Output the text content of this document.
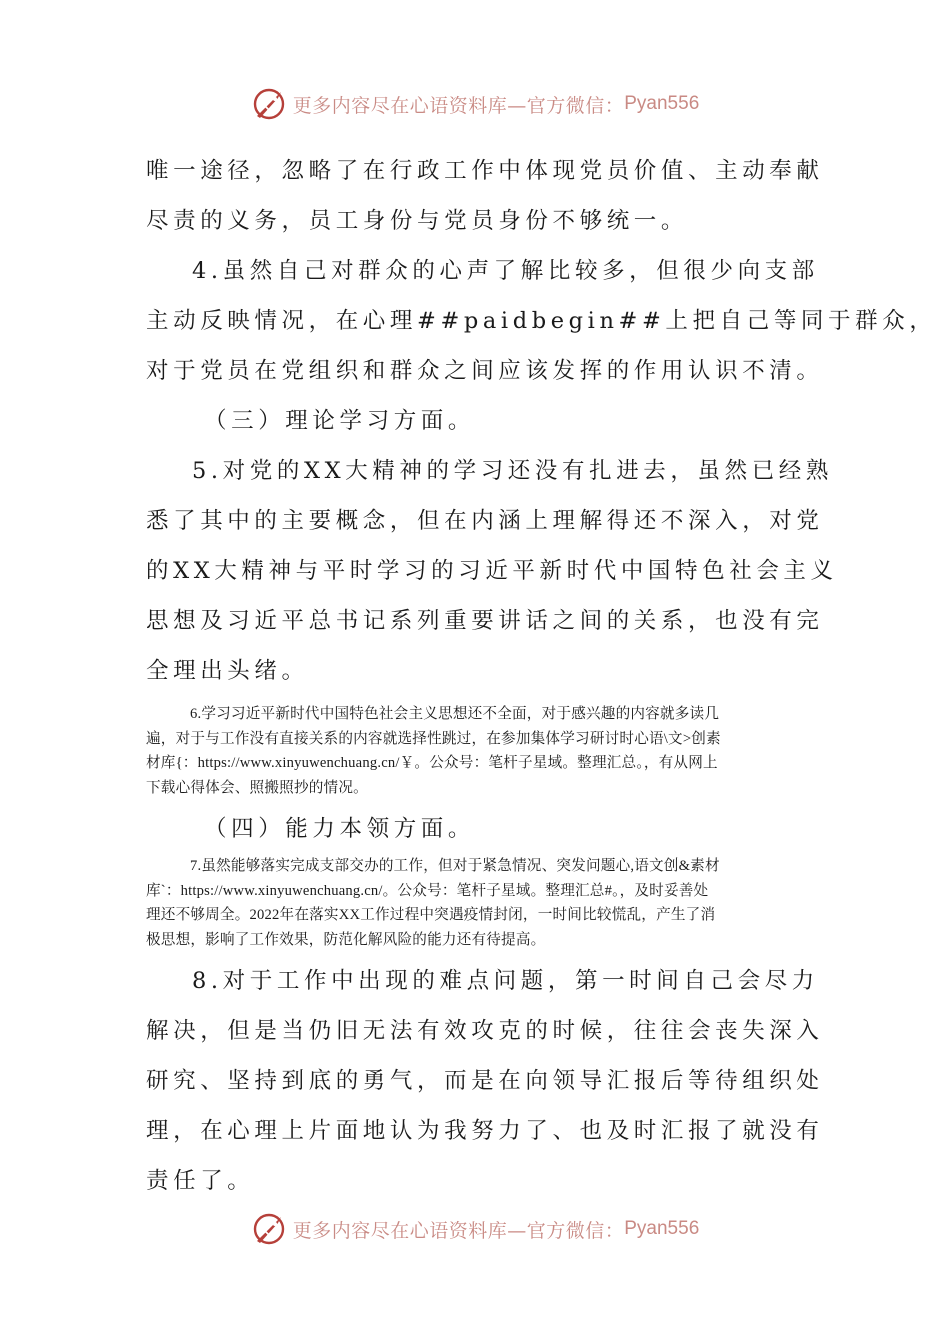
更多内容尽在心语资料库—官方微信： Pyan556

唯一途径，忽略了在行政工作中体现党员价值、主动奉献

尽责的义务，员工身份与党员身份不够统一。

4.虽然自己对群众的心声了解比较多，但很少向支部

主动反映情况，在心理##paidbegin##上把自己等同于群众，

对于党员在党组织和群众之间应该发挥的作用认识不清。

（三）理论学习方面。

5.对党的XX大精神的学习还没有扎进去，虽然已经熟

悉了其中的主要概念，但在内涵上理解得还不深入，对党

的XX大精神与平时学习的习近平新时代中国特色社会主义

思想及习近平总书记系列重要讲话之间的关系，也没有完

全理出头绪。

6.学习习近平新时代中国特色社会主义思想还不全面，对于感兴趣的内容就多读几

遍，对于与工作没有直接关系的内容就选择性跳过，在参加集体学习研讨时心语\文>创素

材库{：https://www.xinyuwenchuang.cn/￥。公众号：笔杆子星域。整理汇总。，有从网上

下载心得体会、照搬照抄的情况。

（四）能力本领方面。

7.虽然能够落实完成支部交办的工作，但对于紧急情况、突发问题心,语文创&素材

库`：https://www.xinyuwenchuang.cn/。公众号：笔杆子星域。整理汇总#。，及时妥善处

理还不够周全。2022年在落实XX工作过程中突遇疫情封闭，一时间比较慌乱，产生了消

极思想，影响了工作效果，防范化解风险的能力还有待提高。

8.对于工作中出现的难点问题，第一时间自己会尽力

解决，但是当仍旧无法有效攻克的时候，往往会丧失深入

研究、坚持到底的勇气，而是在向领导汇报后等待组织处

理，在心理上片面地认为我努力了、也及时汇报了就没有

责任了。

更多内容尽在心语资料库—官方微信： Pyan556
